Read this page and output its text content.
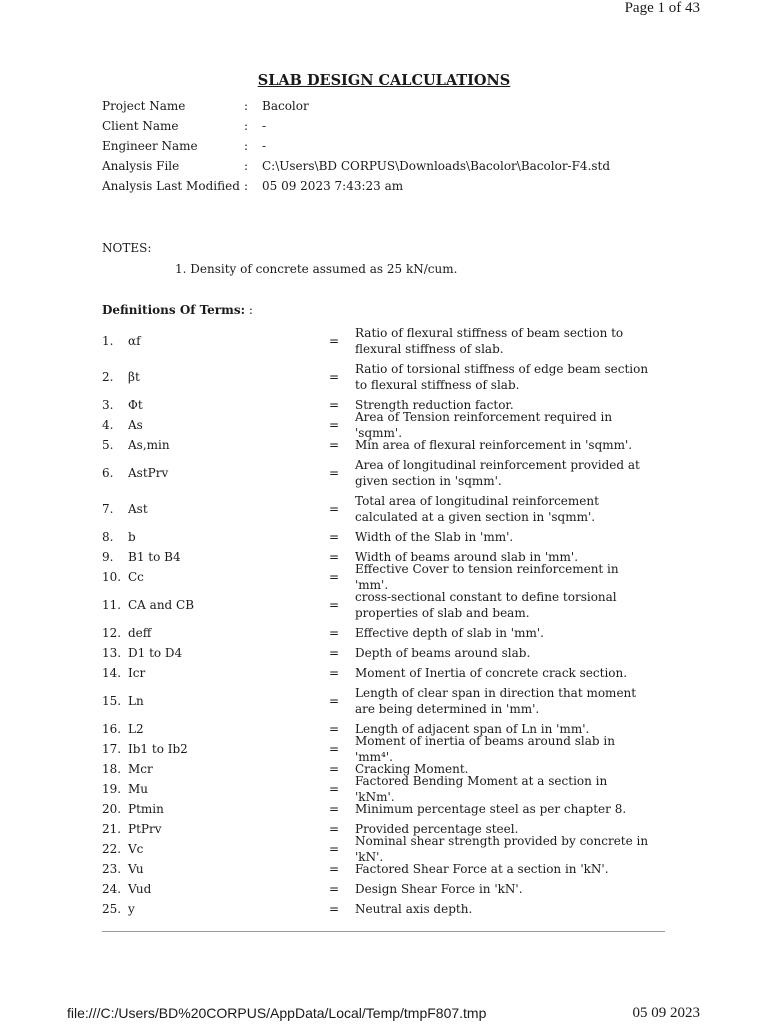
Page 1 of 43
SLAB DESIGN CALCULATIONS
Project Name	:	Bacolor
Client Name	:	-
Engineer Name	:	-
Analysis File	:	C:\Users\BD CORPUS\Downloads\Bacolor\Bacolor-F4.std
Analysis Last Modified :	05 09 2023 7:43:23 am
NOTES:
1. Density of concrete assumed as 25 kN/cum.
Definitions Of Terms: :
1.	αf	=
Ratio of flexural stiffness of beam section to flexural stiffness of slab.
2.	βt	=
Ratio of torsional stiffness of edge beam section to flexural stiffness of slab.
3.	Φt	=	Strength reduction factor.
4.	As	=
Area of Tension reinforcement required in 'sqmm'.
5.	As,min	=	Min area of flexural reinforcement in 'sqmm'.
6.	AstPrv	=
Area of longitudinal reinforcement provided at given section in 'sqmm'.
7.	Ast	=
Total area of longitudinal reinforcement calculated at a given section in 'sqmm'.
8.	b	=	Width of the Slab in 'mm'.
9.	B1 to B4	=	Width of beams around slab in 'mm'.
10. Cc	=
Effective Cover to tension reinforcement in 'mm'.
11. CA and CB	=
cross-sectional constant to define torsional properties of slab and beam.
12. deff	=	Effective depth of slab in 'mm'.
13. D1 to D4	=	Depth of beams around slab.
14. Icr	=	Moment of Inertia of concrete crack section.
15. Ln	=
Length of clear span in direction that moment are being determined in 'mm'.
16. L2	=	Length of adjacent span of Ln in 'mm'.
17. Ib1 to Ib2	=
Moment of inertia of beams around slab in 'mm⁴'.
18. Mcr	=	Cracking Moment.
19. Mu	=
Factored Bending Moment at a section in 'kNm'.
20. Ptmin	=	Minimum percentage steel as per chapter 8.
21. PtPrv	=	Provided percentage steel.
22. Vc	=
Nominal shear strength provided by concrete in 'kN'.
23. Vu	=	Factored Shear Force at a section in 'kN'.
24. Vud	=	Design Shear Force in 'kN'.
25. y	=	Neutral axis depth.
file:///C:/Users/BD%20CORPUS/AppData/Local/Temp/tmpF807.tmp	05 09 2023
